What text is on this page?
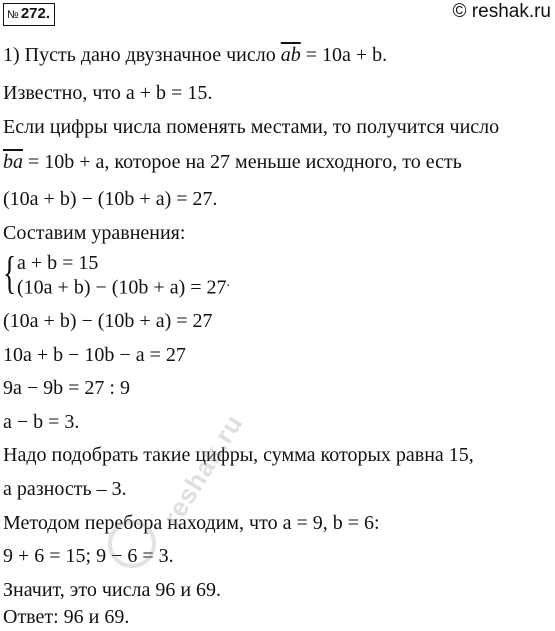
№ 272.	© reshak.ru
1) Пусть дано двузначное число $\overline{ab} = 10a + b$.
Известно, что a + b = 15.
Если цифры числа поменять местами, то получится число
$\overline{ba} = 10b + a$, которое на 27 меньше исходного, то есть
(10a + b) − (10b + a) = 27.
Составим уравнения:
{ a + b = 15
(10a + b) − (10b + a) = 27.
(10a + b) − (10b + a) = 27
10a + b − 10b − a = 27
9a − 9b = 27 : 9
a − b = 3.
Надо подобрать такие цифры, сумма которых равна 15,
а разность – 3.
Методом перебора находим, что a = 9, b = 6:
9 + 6 = 15; 9 − 6 = 3.
Значит, это числа 96 и 69.
Ответ: 96 и 69.
reshak.ru
